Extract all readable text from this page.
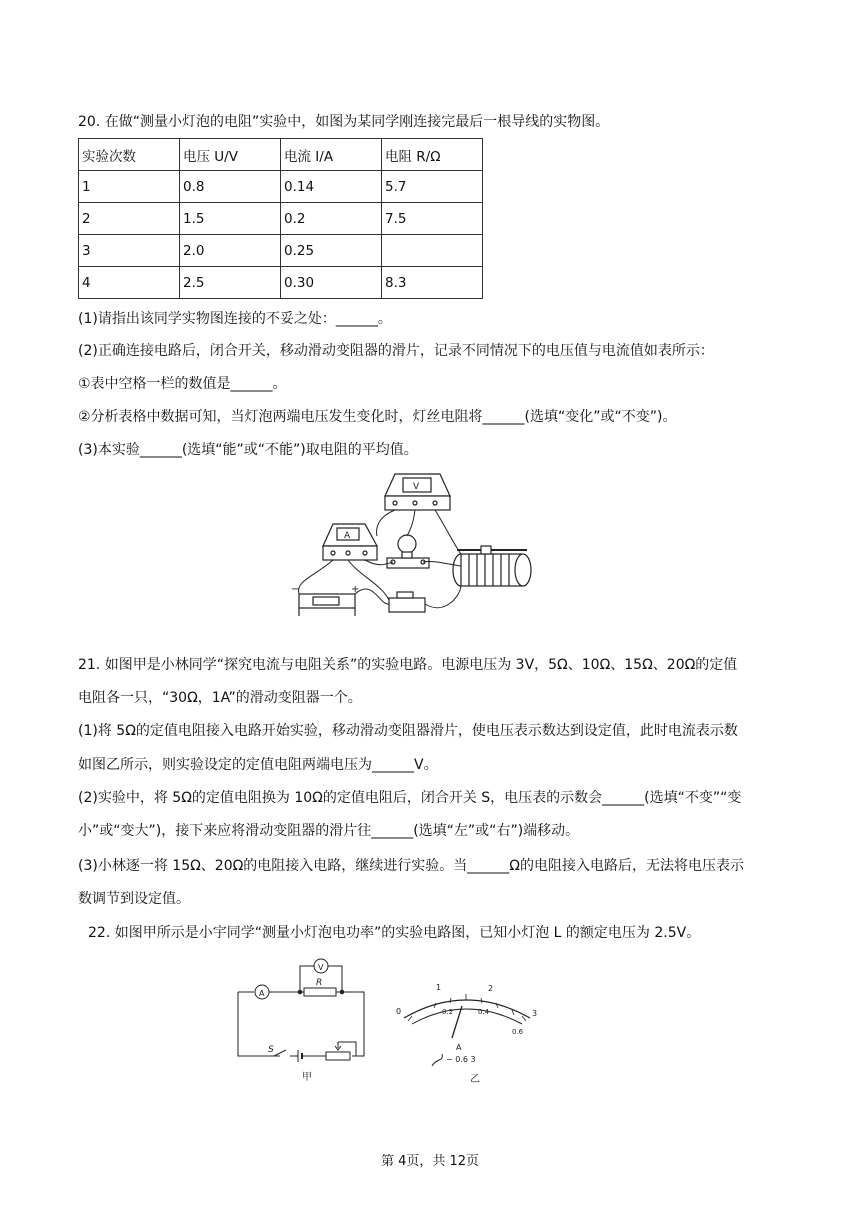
20. 在做“测量小灯泡的电阻”实验中，如图为某同学刚连接完最后一根导线的实物图。
实验次数	电压 U/V	电流 I/A	电阻 R/Ω
1	0.8	0.14	5.7
2	1.5	0.2	7.5
3	2.0	0.25	
4	2.5	0.30	8.3
(1)请指出该同学实物图连接的不妥之处：______。
(2)正确连接电路后，闭合开关，移动滑动变阻器的滑片，记录不同情况下的电压值与电流值如表所示：
①表中空格一栏的数值是______。
②分析表格中数据可知，当灯泡两端电压发生变化时，灯丝电阻将______(选填“变化”或“不变”)。
(3)本实验______(选填“能”或“不能”)取电阻的平均值。
V
A
−	+
21. 如图甲是小林同学“探究电流与电阻关系”的实验电路。电源电压为 3V，5Ω、10Ω、15Ω、20Ω的定值
电阻各一只，“30Ω，1A”的滑动变阻器一个。
(1)将 5Ω的定值电阻接入电路开始实验，移动滑动变阻器滑片，使电压表示数达到设定值，此时电流表示数
如图乙所示，则实验设定的定值电阻两端电压为______V。
(2)实验中，将 5Ω的定值电阻换为 10Ω的定值电阻后，闭合开关 S，电压表的示数会______(选填“不变”“变
小”或“变大”)，接下来应将滑动变阻器的滑片往______(选填“左”或“右”)端移动。
(3)小林逐一将 15Ω、20Ω的电阻接入电路，继续进行实验。当______Ω的电阻接入电路后，无法将电压表示
数调节到设定值。
22. 如图甲所示是小宇同学“测量小灯泡电功率”的实验电路图，已知小灯泡 L 的额定电压为 2.5V。
A
R
V
S
甲
0
1	2
3
0.2	0.4
0.6
A
− 0.6 3
乙
第 4页，共 12页
